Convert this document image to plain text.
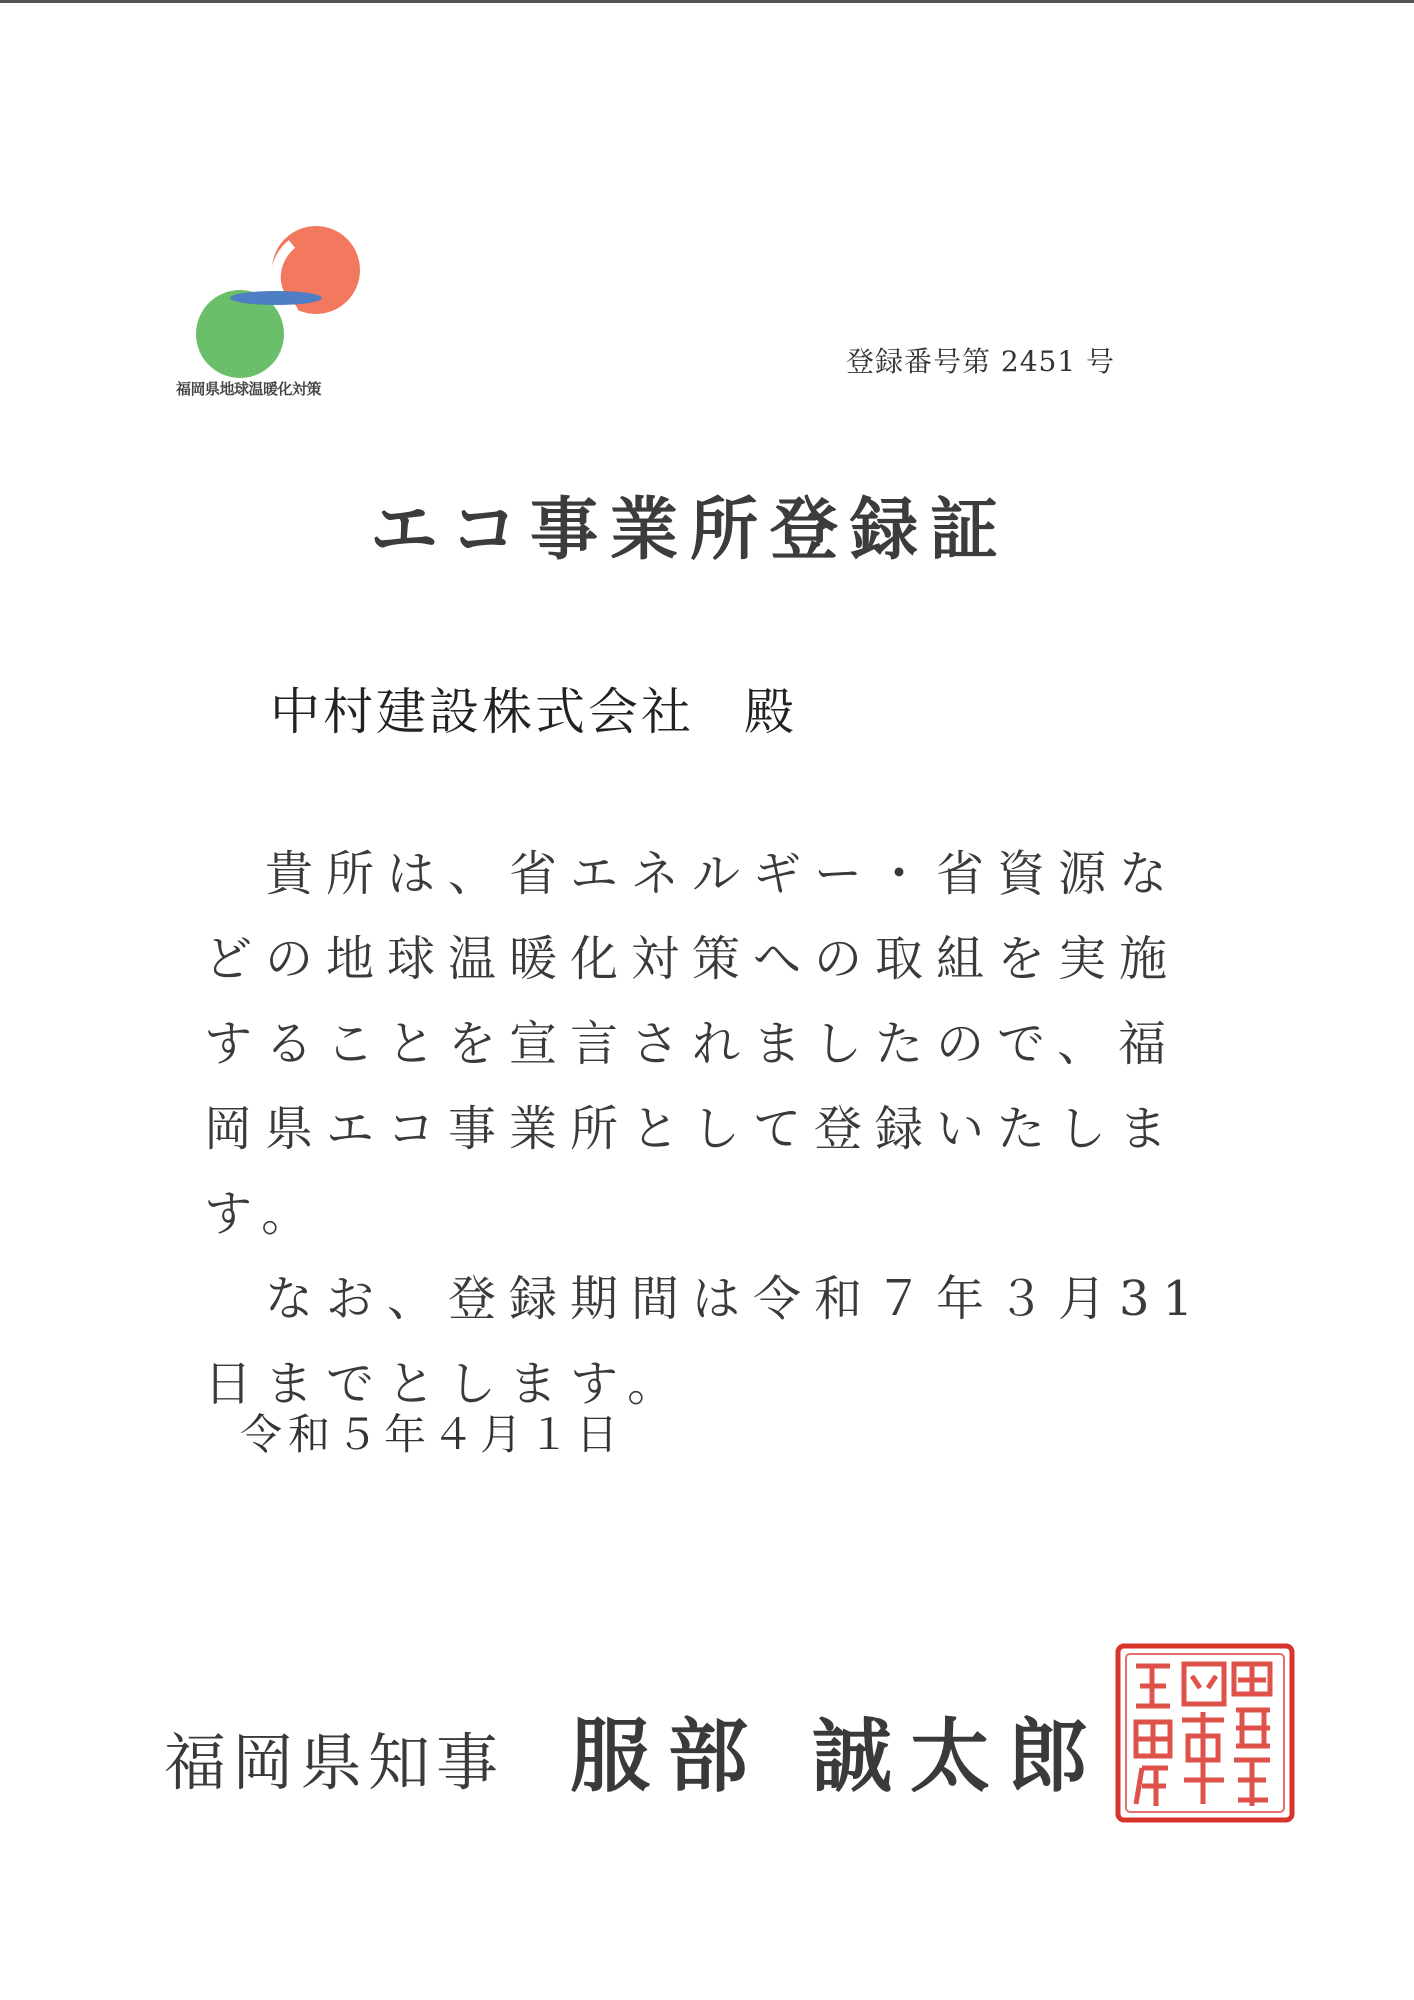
福岡県地球温暖化対策
登録番号第 2451 号
エコ事業所登録証
中村建設株式会社 殿

　貴所は、省エネルギー・省資源などの地球温暖化対策への取組を実施することを宣言されましたので、福岡県エコ事業所として登録いたします。

　なお、登録期間は令和７年３月31日までとします。

令和５年４月１日
福岡県知事 服部 誠太郎
